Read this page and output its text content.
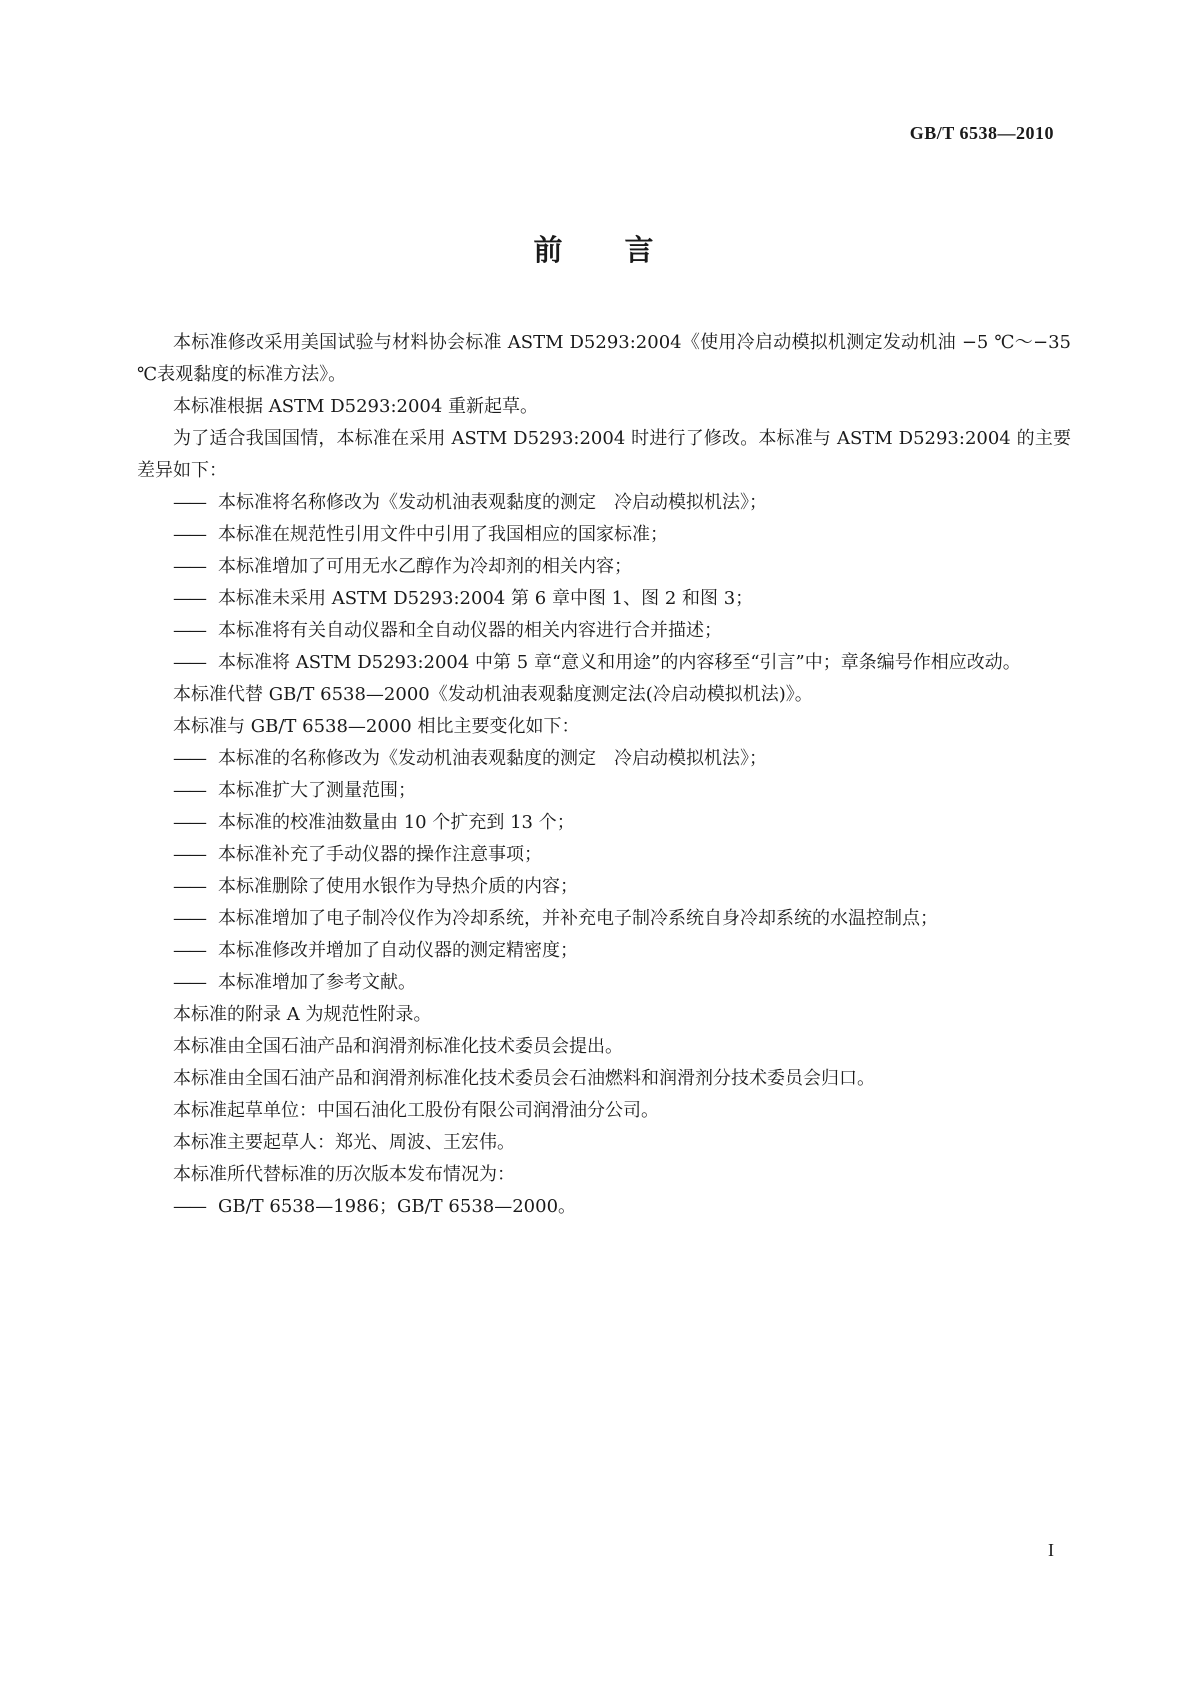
GB/T 6538—2010
前 言

本标准修改采用美国试验与材料协会标准 ASTM D5293:2004《使用冷启动模拟机测定发动机油 −5 ℃～−35 ℃表观黏度的标准方法》。

本标准根据 ASTM D5293:2004 重新起草。

为了适合我国国情，本标准在采用 ASTM D5293:2004 时进行了修改。本标准与 ASTM D5293:2004 的主要差异如下：

—— 本标准将名称修改为《发动机油表观黏度的测定　冷启动模拟机法》；

—— 本标准在规范性引用文件中引用了我国相应的国家标准；

—— 本标准增加了可用无水乙醇作为冷却剂的相关内容；

—— 本标准未采用 ASTM D5293:2004 第 6 章中图 1、图 2 和图 3；

—— 本标准将有关自动仪器和全自动仪器的相关内容进行合并描述；

—— 本标准将 ASTM D5293:2004 中第 5 章“意义和用途”的内容移至“引言”中；章条编号作相应改动。

本标准代替 GB/T 6538—2000《发动机油表观黏度测定法(冷启动模拟机法)》。

本标准与 GB/T 6538—2000 相比主要变化如下：

—— 本标准的名称修改为《发动机油表观黏度的测定　冷启动模拟机法》；

—— 本标准扩大了测量范围；

—— 本标准的校准油数量由 10 个扩充到 13 个；

—— 本标准补充了手动仪器的操作注意事项；

—— 本标准删除了使用水银作为导热介质的内容；

—— 本标准增加了电子制冷仪作为冷却系统，并补充电子制冷系统自身冷却系统的水温控制点；

—— 本标准修改并增加了自动仪器的测定精密度；

—— 本标准增加了参考文献。

本标准的附录 A 为规范性附录。

本标准由全国石油产品和润滑剂标准化技术委员会提出。

本标准由全国石油产品和润滑剂标准化技术委员会石油燃料和润滑剂分技术委员会归口。

本标准起草单位：中国石油化工股份有限公司润滑油分公司。

本标准主要起草人：郑光、周波、王宏伟。

本标准所代替标准的历次版本发布情况为：

—— GB/T 6538—1986；GB/T 6538—2000。

I
